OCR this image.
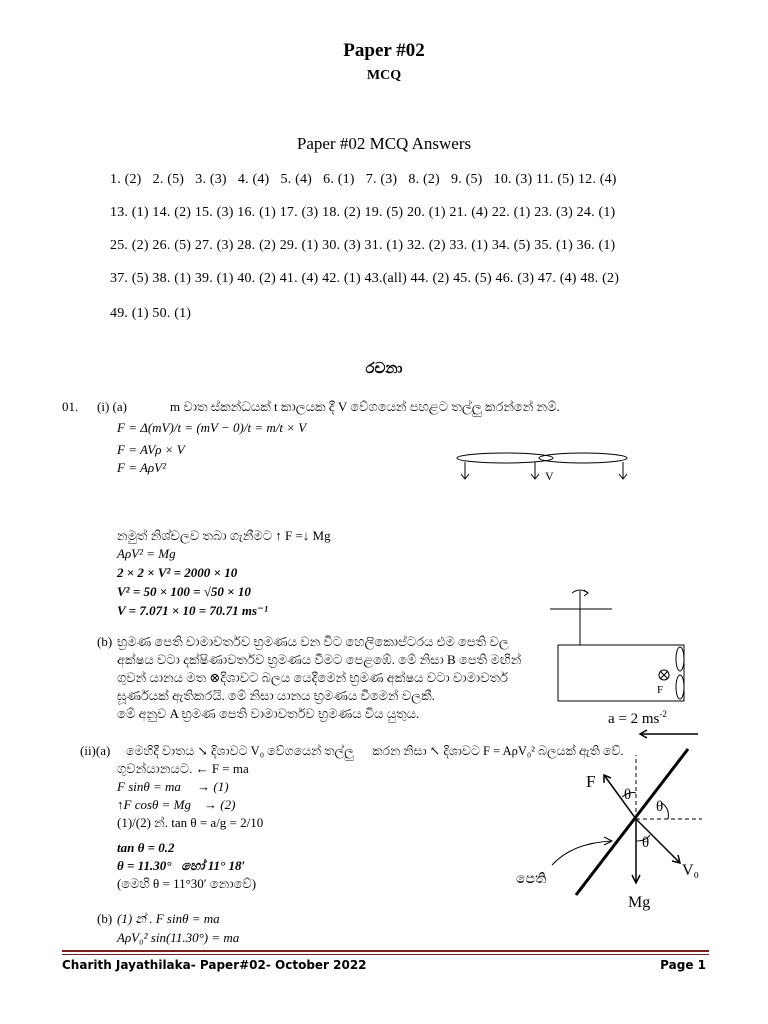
Paper #02
MCQ
Paper #02 MCQ Answers
1. (2)   2. (5)   3. (3)   4. (4)   5. (4)   6. (1)   7. (3)   8. (2)   9. (5)   10. (3) 11. (5) 12. (4)
13. (1) 14. (2) 15. (3) 16. (1) 17. (3) 18. (2) 19. (5) 20. (1) 21. (4) 22. (1) 23. (3) 24. (1)
25. (2) 26. (5) 27. (3) 28. (2) 29. (1) 30. (3) 31. (1) 32. (2) 33. (1) 34. (5) 35. (1) 36. (1)
37. (5) 38. (1) 39. (1) 40. (2) 41. (4) 42. (1) 43.(all) 44. (2) 45. (5) 46. (3) 47. (4) 48. (2)
49. (1) 50. (1)
රචනා
01. (i) (a)	m වාත ස්කන්ධයක් t කාලයක දී V වේගයෙන් පහළට තල්ලු කරන්නේ නම්.
F = Δ(mV)/t = (mV − 0)/t = m/t × V
F = AVρ × V
F = AρV²
V
නමුත් නිශ්චලව තබා ගැනීමට ↑ F =↓ Mg
AρV² = Mg
2 × 2 × V² = 2000 × 10
V² = 50 × 100 = √50 × 10
V = 7.071 × 10 = 70.71 ms⁻¹
F
a = 2 $ms^{-2}$
(b) භ්‍රමණ පෙති වාමාවර්තව භ්‍රමණය වන විට හෙලිකොප්ටරය එම පෙති වල
අක්ෂය වටා දක්ෂිණාවර්තව භ්‍රමණය වීමට පෙළඹේ. මේ නිසා B පෙති මඟින්
ගුවන් යානය මත ⊗දිශාවට බලය යෙදීමෙන් භ්‍රමණ අක්ෂය වටා වාමාවර්ත
ඝූර්ණයක් ඇතිකරයි. මේ නිසා යානය භ්‍රමණය වීමෙන් වලකී.
මේ අනුව A භ්‍රමණ පෙති වාමාවර්තව භ්‍රමණය විය යුතුය.
(ii)(a) මෙහිදී වාතය ↘ දිශාවට V₀ වේගයෙන් තල්ලු      කරන නිසා ↖ දිශාවට F = AρV₀² බලයක් ඇති වේ.
ගුවන්යානයට. ← F = ma
F sinθ = ma     → (1)
↑F cosθ = Mg    → (2)
(1)/(2) න්. tan θ = a/g = 2/10
tan θ = 0.2
θ = 11.30°   හෝ 11° 18′
(මෙහි θ = 11°30′ නොවේ)
F
θ
θ
θ
V₀
Mg
පෙති
(b) (1) න් . F sinθ = ma
AρV₀² sin(11.30°) = ma
Charith Jayathilaka- Paper#02- October 2022	Page 1
